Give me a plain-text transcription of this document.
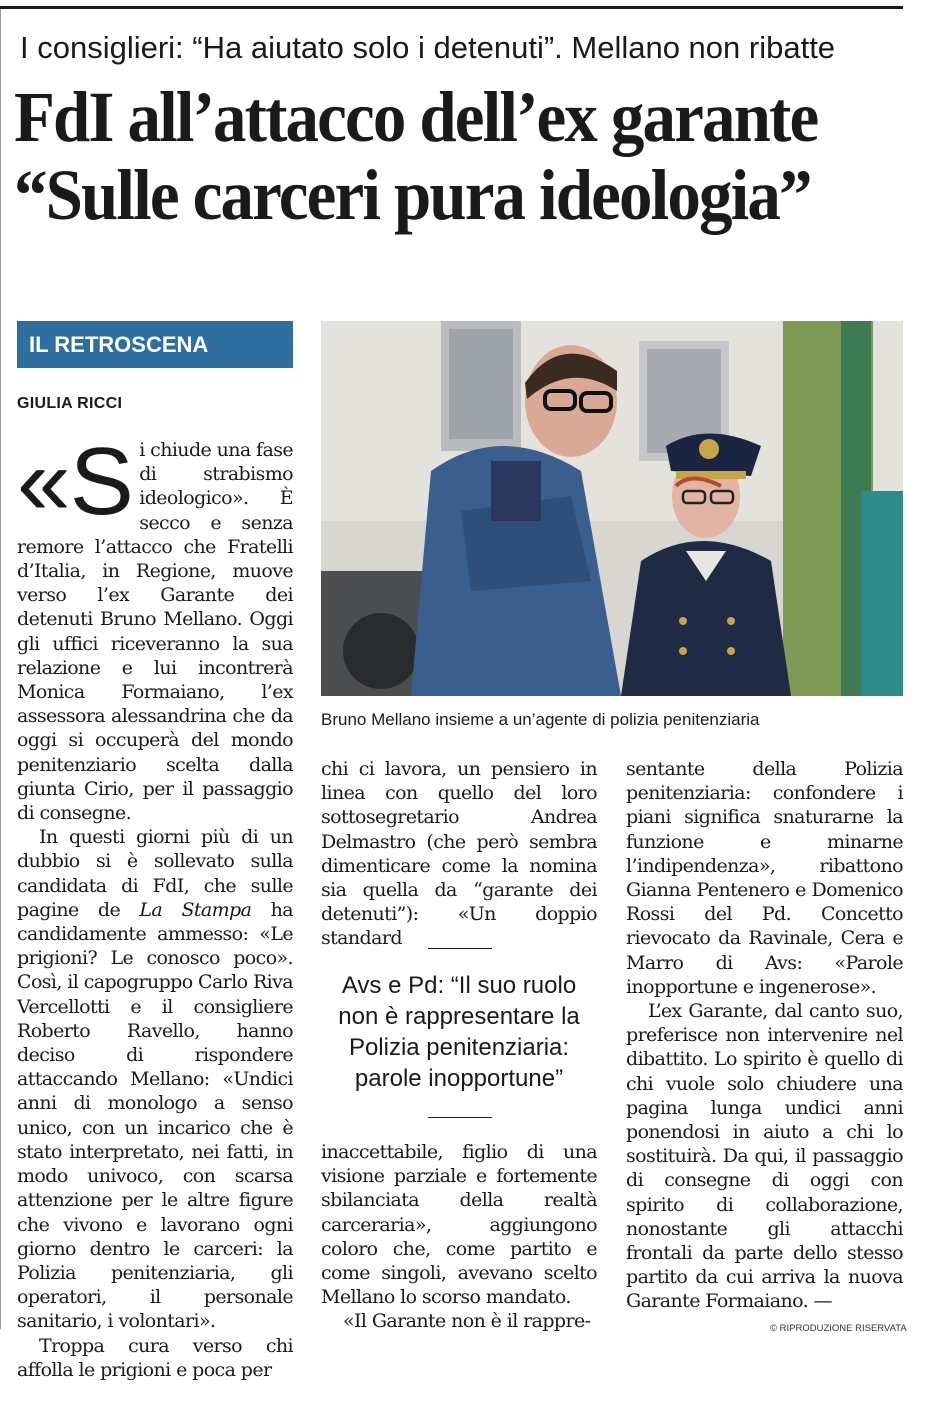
I consiglieri: “Ha aiutato solo i detenuti”. Mellano non ribatte
FdI all’attacco dell’ex garante
“Sulle carceri pura ideologia”
IL RETROSCENA
GIULIA RICCI
Bruno Mellano insieme a un’agente di polizia penitenziaria

«S i chiude una fase di strabismo ideologico». È secco e senza remore l’attacco che Fratelli d’Italia, in Regione, muove verso l’ex Garante dei detenuti Bruno Mellano. Oggi gli uffici riceveranno la sua relazione e lui incontrerà Monica Formaiano, l’ex assessora alessandrina che da oggi si occuperà del mondo penitenziario scelta dalla giunta Cirio, per il passaggio di consegne.

In questi giorni più di un dubbio si è sollevato sulla candidata di FdI, che sulle pagine de La Stampa ha candidamente ammesso: «Le prigioni? Le conosco poco». Così, il capogruppo Carlo Riva Vercellotti e il consigliere Roberto Ravello, hanno deciso di rispondere attaccando Mellano: «Undici anni di monologo a senso unico, con un incarico che è stato interpretato, nei fatti, in modo univoco, con scarsa attenzione per le altre figure che vivono e lavorano ogni giorno dentro le carceri: la Polizia penitenziaria, gli operatori, il personale sanitario, i volontari».

Troppa cura verso chi affolla le prigioni e poca per

chi ci lavora, un pensiero in linea con quello del loro sottosegretario Andrea Delmastro (che però sembra dimenticare come la nomina sia quella da “garante dei detenuti”): «Un doppio standard
Avs e Pd: “Il suo ruolo non è rappresentare la Polizia penitenziaria: parole inopportune”

inaccettabile, figlio di una visione parziale e fortemente sbilanciata della realtà carceraria», aggiungono coloro che, come partito e come singoli, avevano scelto Mellano lo scorso mandato.

«Il Garante non è il rappre-

sentante della Polizia penitenziaria: confondere i piani significa snaturarne la funzione e minarne l’indipendenza», ribattono Gianna Pentenero e Domenico Rossi del Pd. Concetto rievocato da Ravinale, Cera e Marro di Avs: «Parole inopportune e ingenerose».

L’ex Garante, dal canto suo, preferisce non intervenire nel dibattito. Lo spirito è quello di chi vuole solo chiudere una pagina lunga undici anni ponendosi in aiuto a chi lo sostituirà. Da qui, il passaggio di consegne di oggi con spirito di collaborazione, nonostante gli attacchi frontali da parte dello stesso partito da cui arriva la nuova Garante Formaiano. —

© RIPRODUZIONE RISERVATA
